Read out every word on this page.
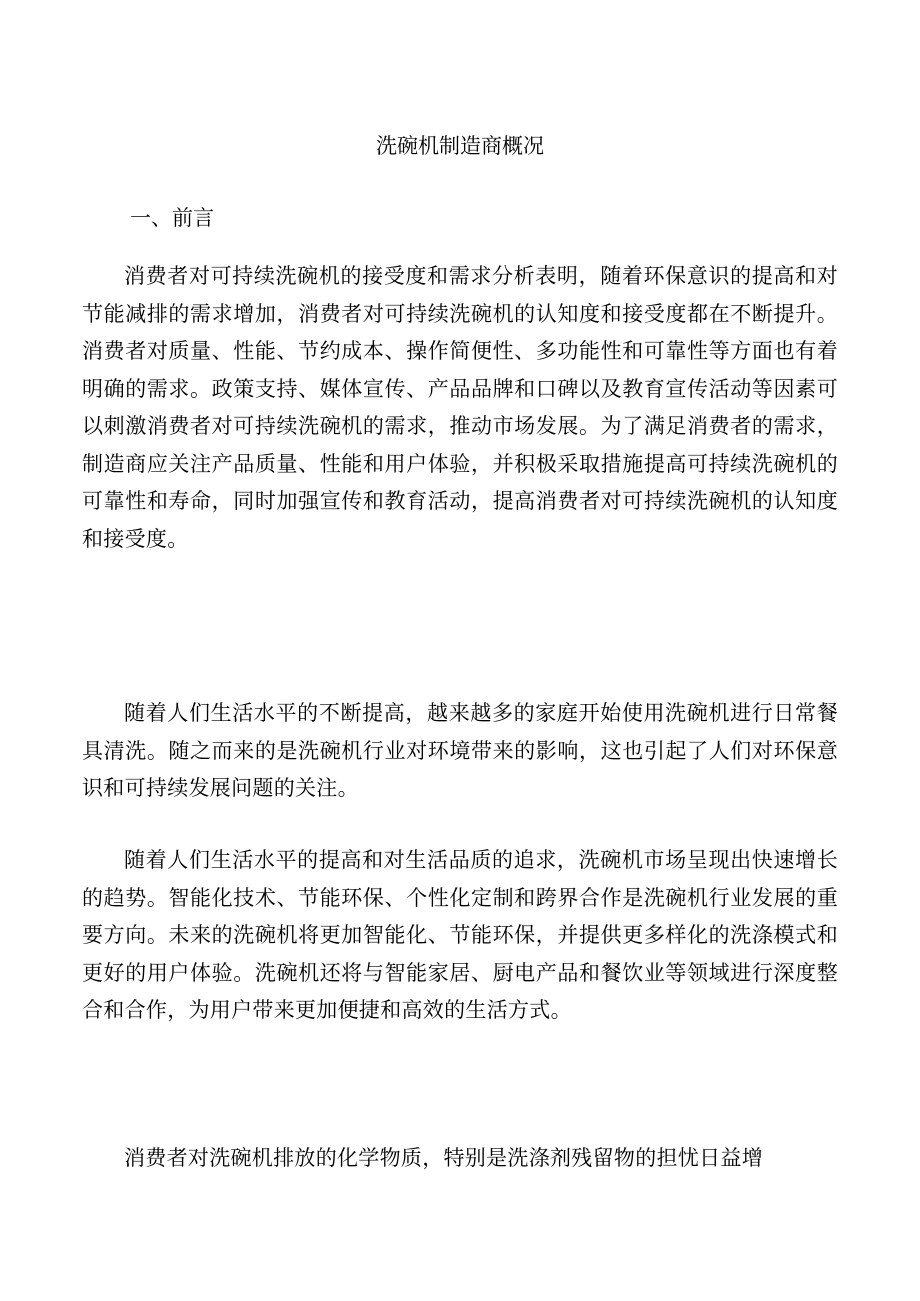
洗碗机制造商概况
一、前言

消费者对可持续洗碗机的接受度和需求分析表明，随着环保意识的提高和对节能减排的需求增加，消费者对可持续洗碗机的认知度和接受度都在不断提升。消费者对质量、性能、节约成本、操作简便性、多功能性和可靠性等方面也有着明确的需求。政策支持、媒体宣传、产品品牌和口碑以及教育宣传活动等因素可以刺激消费者对可持续洗碗机的需求，推动市场发展。为了满足消费者的需求，制造商应关注产品质量、性能和用户体验，并积极采取措施提高可持续洗碗机的可靠性和寿命，同时加强宣传和教育活动，提高消费者对可持续洗碗机的认知度和接受度。

随着人们生活水平的不断提高，越来越多的家庭开始使用洗碗机进行日常餐具清洗。随之而来的是洗碗机行业对环境带来的影响，这也引起了人们对环保意识和可持续发展问题的关注。

随着人们生活水平的提高和对生活品质的追求，洗碗机市场呈现出快速增长的趋势。智能化技术、节能环保、个性化定制和跨界合作是洗碗机行业发展的重要方向。未来的洗碗机将更加智能化、节能环保，并提供更多样化的洗涤模式和更好的用户体验。洗碗机还将与智能家居、厨电产品和餐饮业等领域进行深度整合和合作，为用户带来更加便捷和高效的生活方式。

消费者对洗碗机排放的化学物质，特别是洗涤剂残留物的担忧日益增
